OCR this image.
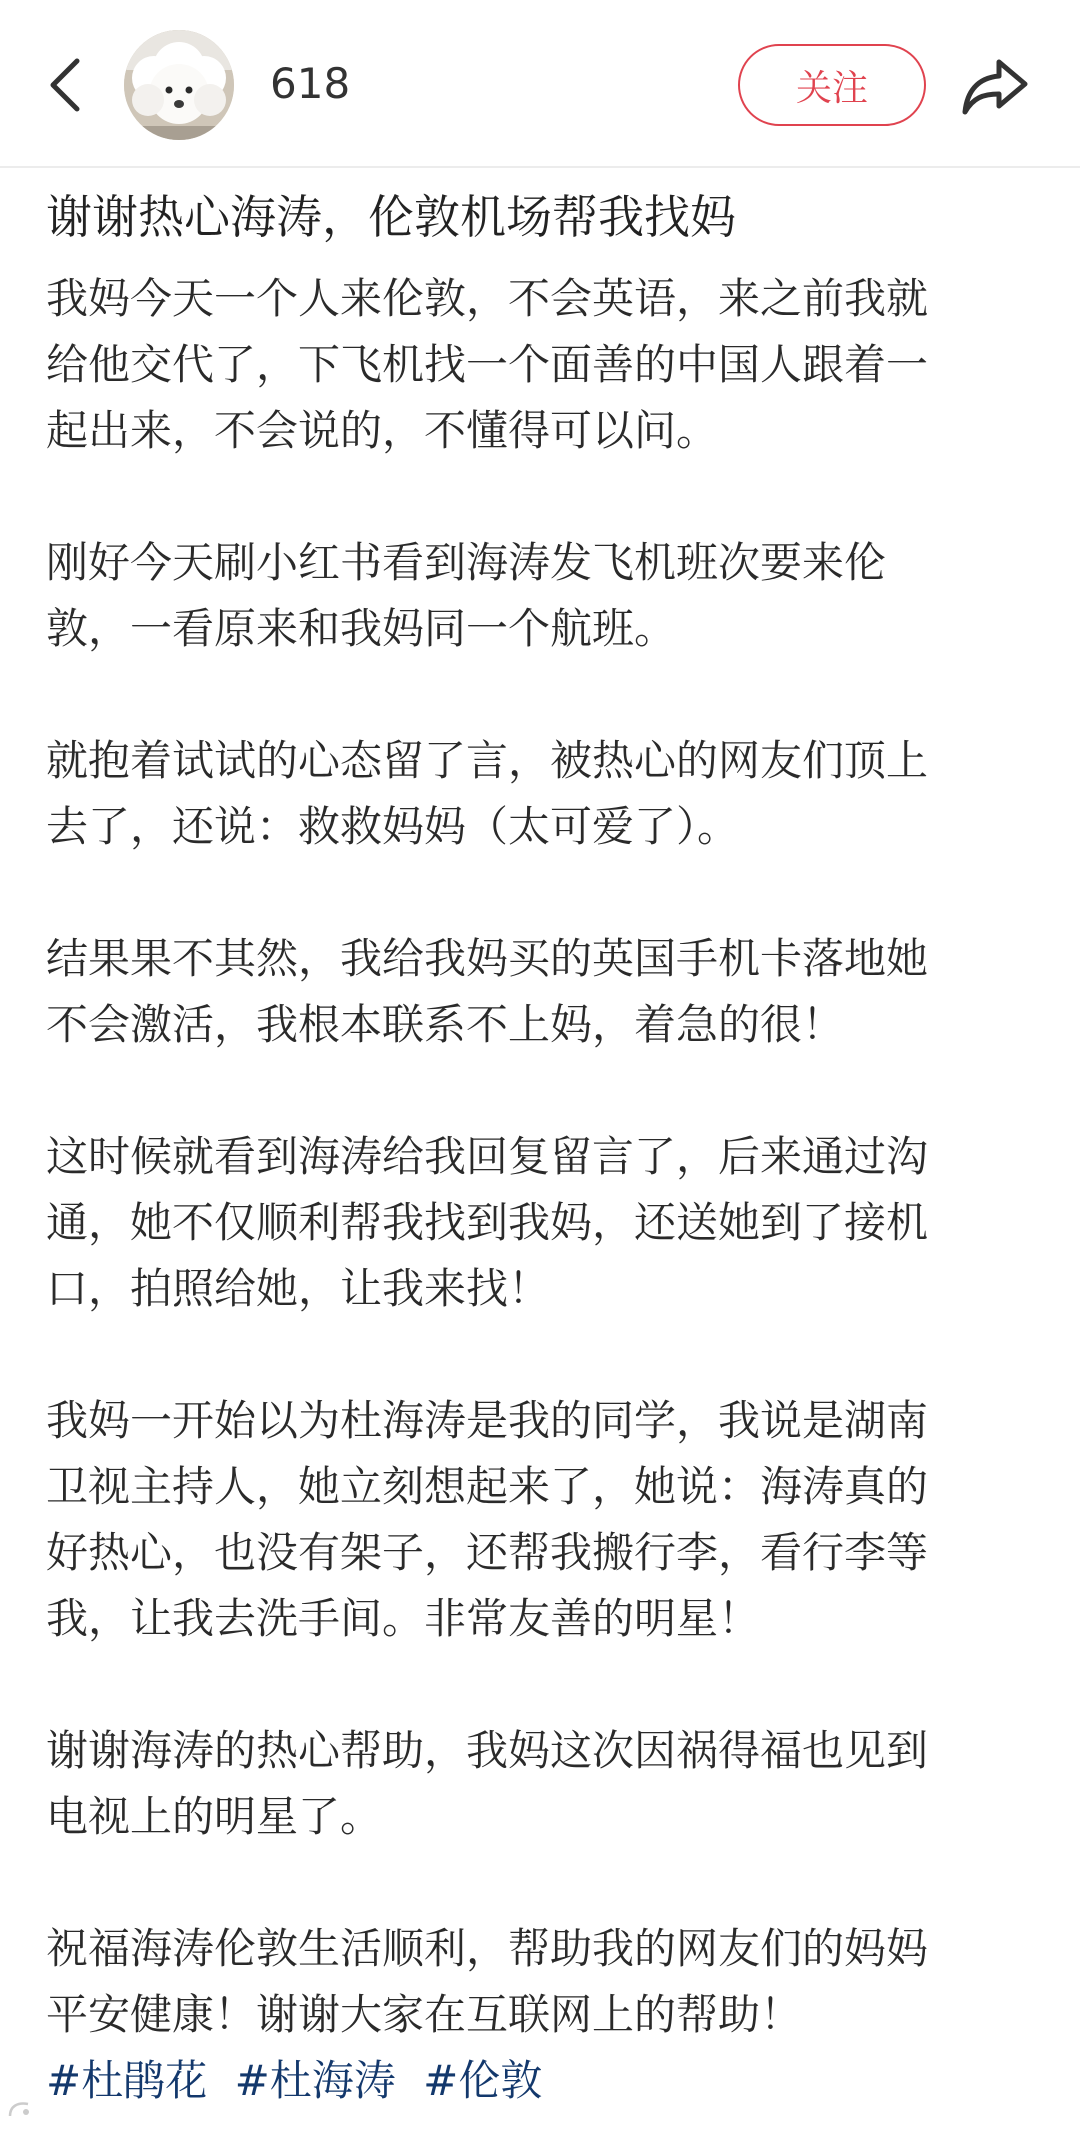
618	关注
谢谢热心海涛，伦敦机场帮我找妈

我妈今天一个人来伦敦，不会英语，来之前我就
给他交代了，下飞机找一个面善的中国人跟着一
起出来，不会说的，不懂得可以问。

刚好今天刷小红书看到海涛发飞机班次要来伦
敦，一看原来和我妈同一个航班。

就抱着试试的心态留了言，被热心的网友们顶上
去了，还说：救救妈妈（太可爱了）。

结果果不其然，我给我妈买的英国手机卡落地她
不会激活，我根本联系不上妈，着急的很！

这时候就看到海涛给我回复留言了，后来通过沟
通，她不仅顺利帮我找到我妈，还送她到了接机
口，拍照给她，让我来找！

我妈一开始以为杜海涛是我的同学，我说是湖南
卫视主持人，她立刻想起来了，她说：海涛真的
好热心，也没有架子，还帮我搬行李，看行李等
我，让我去洗手间。非常友善的明星！

谢谢海涛的热心帮助，我妈这次因祸得福也见到
电视上的明星了。

祝福海涛伦敦生活顺利，帮助我的网友们的妈妈
平安健康！谢谢大家在互联网上的帮助！

#杜鹃花 #杜海涛 #伦敦
